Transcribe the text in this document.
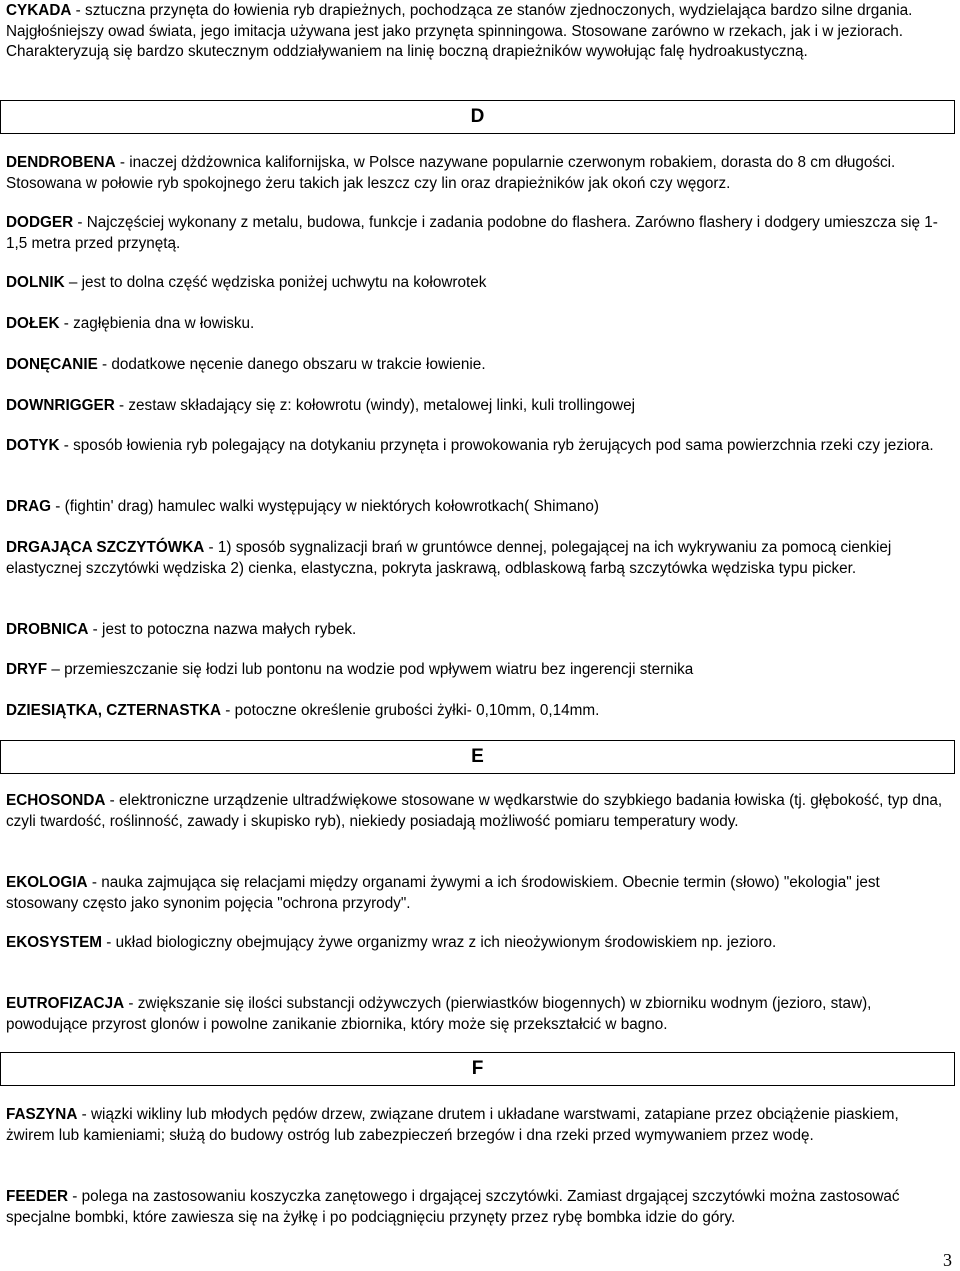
CYKADA - sztuczna przynęta do łowienia ryb drapieżnych, pochodząca ze stanów zjednoczonych, wydzielająca bardzo silne drgania. Najgłośniejszy owad świata, jego imitacja używana jest jako przynęta spinningowa. Stosowane zarówno w rzekach, jak i w jeziorach. Charakteryzują się bardzo skutecznym oddziaływaniem na linię boczną drapieżników wywołując falę hydroakustyczną.

D

DENDROBENA - inaczej dżdżownica kalifornijska, w Polsce nazywane popularnie czerwonym robakiem, dorasta do 8 cm długości. Stosowana w połowie ryb spokojnego żeru takich jak leszcz czy lin oraz drapieżników jak okoń czy węgorz.

DODGER - Najczęściej wykonany z metalu, budowa, funkcje i zadania podobne do flashera. Zarówno flashery i dodgery umieszcza się 1-1,5 metra przed przynętą.

DOLNIK – jest to dolna część wędziska poniżej uchwytu na kołowrotek

DOŁEK - zagłębienia dna w łowisku.

DONĘCANIE - dodatkowe nęcenie danego obszaru w trakcie łowienie.

DOWNRIGGER - zestaw składający się z: kołowrotu (windy), metalowej linki, kuli trollingowej

DOTYK - sposób łowienia ryb polegający na dotykaniu przynęta i prowokowania ryb żerujących pod sama powierzchnia rzeki czy jeziora.

DRAG - (fightin' drag) hamulec walki występujący w niektórych kołowrotkach( Shimano)

DRGAJĄCA SZCZYTÓWKA - 1) sposób sygnalizacji brań w gruntówce dennej, polegającej na ich wykrywaniu za pomocą cienkiej elastycznej szczytówki wędziska 2) cienka, elastyczna, pokryta jaskrawą, odblaskową farbą szczytówka wędziska typu picker.

DROBNICA - jest to potoczna nazwa małych rybek.

DRYF – przemieszczanie się łodzi lub pontonu na wodzie pod wpływem wiatru bez ingerencji sternika

DZIESIĄTKA, CZTERNASTKA - potoczne określenie grubości żyłki- 0,10mm, 0,14mm.

E

ECHOSONDA - elektroniczne urządzenie ultradźwiękowe stosowane w wędkarstwie do szybkiego badania łowiska (tj. głębokość, typ dna, czyli twardość, roślinność, zawady i skupisko ryb), niekiedy posiadają możliwość pomiaru temperatury wody.

EKOLOGIA - nauka zajmująca się relacjami między organami żywymi a ich środowiskiem. Obecnie termin (słowo) "ekologia" jest stosowany często jako synonim pojęcia "ochrona przyrody".

EKOSYSTEM - układ biologiczny obejmujący żywe organizmy wraz z ich nieożywionym środowiskiem np. jezioro.

EUTROFIZACJA - zwiększanie się ilości substancji odżywczych (pierwiastków biogennych) w zbiorniku wodnym (jezioro, staw), powodujące przyrost glonów i powolne zanikanie zbiornika, który może się przekształcić w bagno.

F

FASZYNA - wiązki wikliny lub młodych pędów drzew, związane drutem i układane warstwami, zatapiane przez obciążenie piaskiem, żwirem lub kamieniami; służą do budowy ostróg lub zabezpieczeń brzegów i dna rzeki przed wymywaniem przez wodę.

FEEDER - polega na zastosowaniu koszyczka zanętowego i drgającej szczytówki. Zamiast drgającej szczytówki można zastosować specjalne bombki, które zawiesza się na żyłkę i po podciągnięciu przynęty przez rybę bombka idzie do góry.

3
